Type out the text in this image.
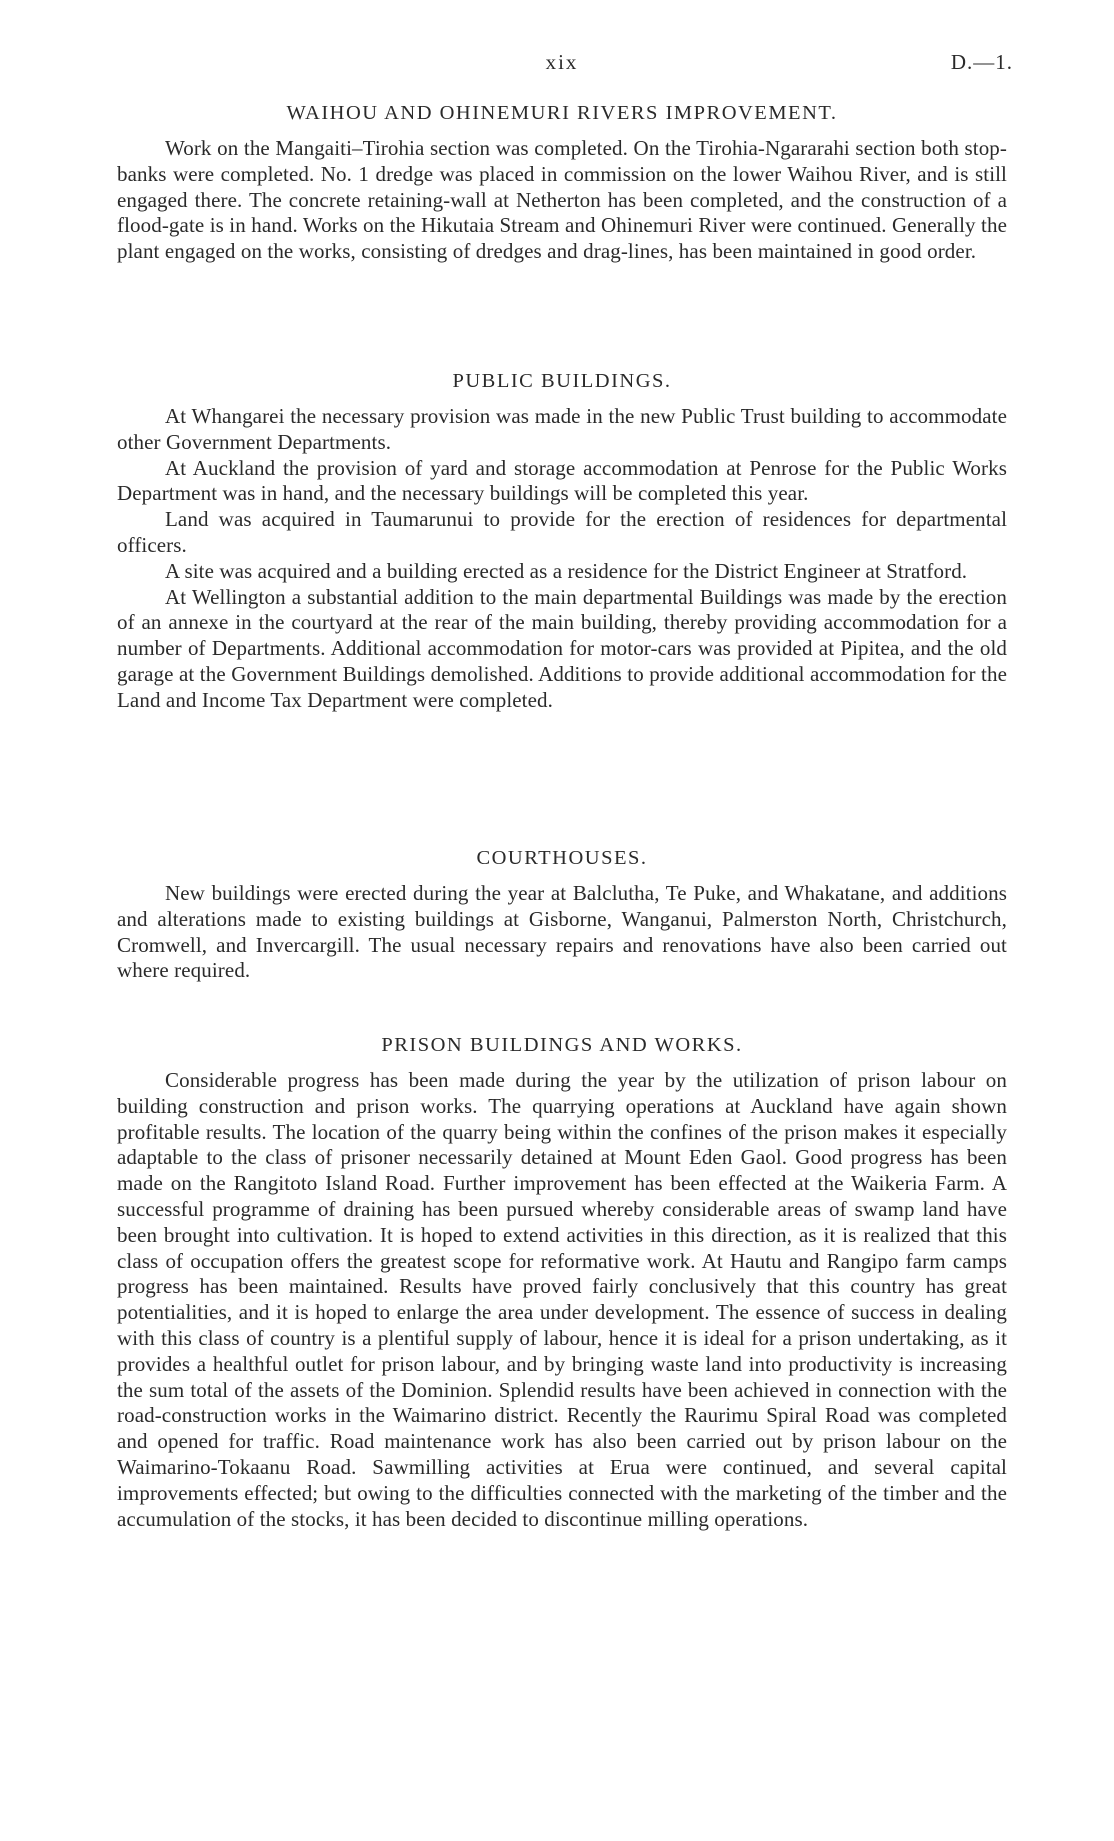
xix	D.—1.
WAIHOU AND OHINEMURI RIVERS IMPROVEMENT.

Work on the Mangaiti–Tirohia section was completed. On the Tirohia-Ngararahi section both stop-banks were completed. No. 1 dredge was placed in commission on the lower Waihou River, and is still engaged there. The concrete retaining-wall at Netherton has been completed, and the construction of a flood-gate is in hand. Works on the Hikutaia Stream and Ohinemuri River were continued. Generally the plant engaged on the works, consisting of dredges and drag-lines, has been maintained in good order.

PUBLIC BUILDINGS.

At Whangarei the necessary provision was made in the new Public Trust building to accommodate other Government Departments.

At Auckland the provision of yard and storage accommodation at Penrose for the Public Works Department was in hand, and the necessary buildings will be completed this year.

Land was acquired in Taumarunui to provide for the erection of residences for departmental officers.

A site was acquired and a building erected as a residence for the District Engineer at Stratford.

At Wellington a substantial addition to the main departmental Buildings was made by the erection of an annexe in the courtyard at the rear of the main building, thereby providing accommodation for a number of Departments. Additional accommodation for motor-cars was provided at Pipitea, and the old garage at the Government Buildings demolished. Additions to provide additional accommodation for the Land and Income Tax Department were completed.

COURTHOUSES.

New buildings were erected during the year at Balclutha, Te Puke, and Whakatane, and additions and alterations made to existing buildings at Gisborne, Wanganui, Palmerston North, Christchurch, Cromwell, and Invercargill. The usual necessary repairs and renovations have also been carried out where required.

PRISON BUILDINGS AND WORKS.

Considerable progress has been made during the year by the utilization of prison labour on building construction and prison works. The quarrying operations at Auckland have again shown profitable results. The location of the quarry being within the confines of the prison makes it especially adaptable to the class of prisoner necessarily detained at Mount Eden Gaol. Good progress has been made on the Rangitoto Island Road. Further improvement has been effected at the Waikeria Farm. A successful programme of draining has been pursued whereby considerable areas of swamp land have been brought into cultivation. It is hoped to extend activities in this direction, as it is realized that this class of occupation offers the greatest scope for reformative work. At Hautu and Rangipo farm camps progress has been maintained. Results have proved fairly conclusively that this country has great potentialities, and it is hoped to enlarge the area under development. The essence of success in dealing with this class of country is a plentiful supply of labour, hence it is ideal for a prison undertaking, as it provides a healthful outlet for prison labour, and by bringing waste land into productivity is increasing the sum total of the assets of the Dominion. Splendid results have been achieved in connection with the road-construction works in the Waimarino district. Recently the Raurimu Spiral Road was completed and opened for traffic. Road maintenance work has also been carried out by prison labour on the Waimarino-Tokaanu Road. Sawmilling activities at Erua were continued, and several capital improvements effected; but owing to the difficulties connected with the marketing of the timber and the accumulation of the stocks, it has been decided to discontinue milling operations.
